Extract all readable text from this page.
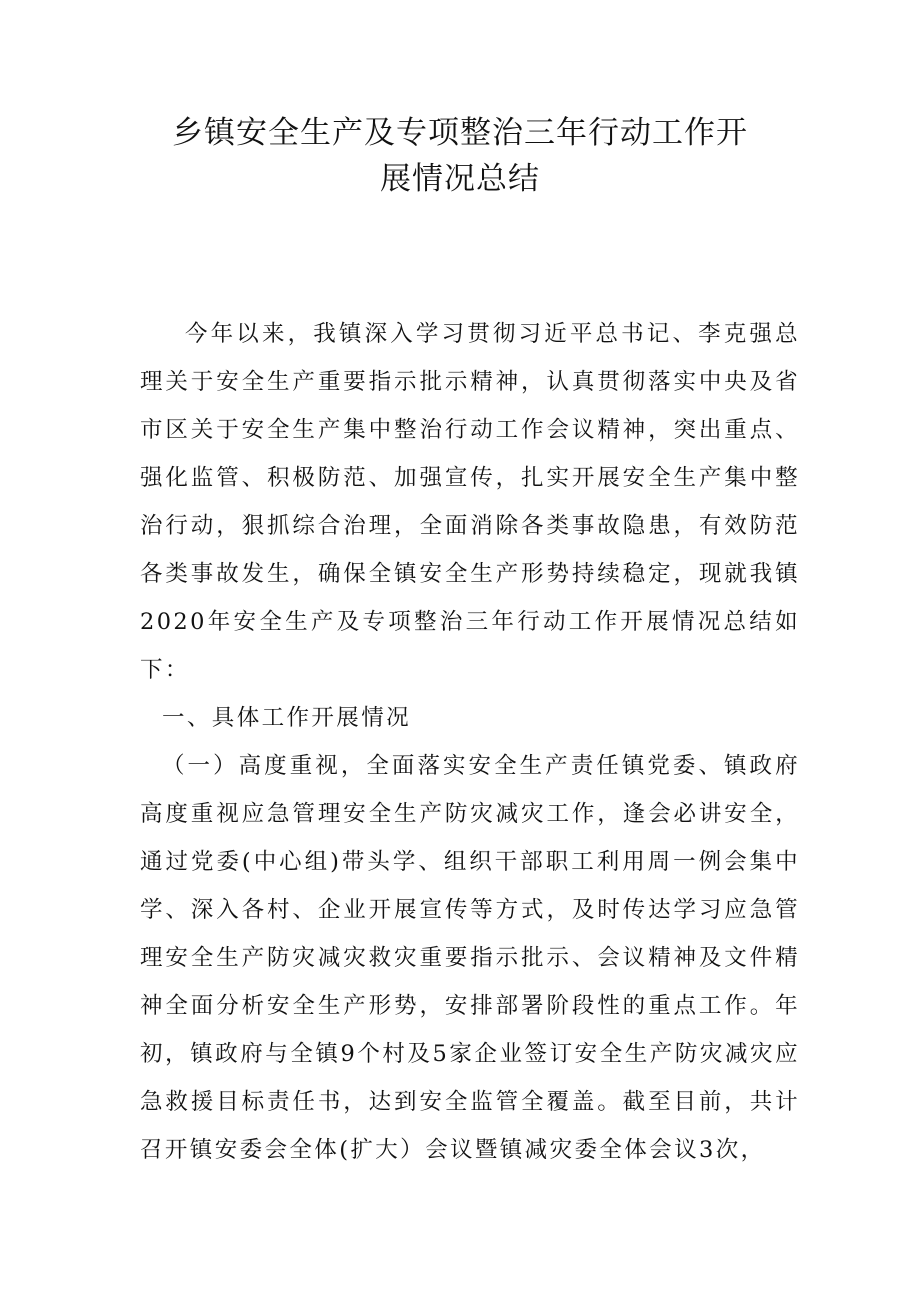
乡镇安全生产及专项整治三年行动工作开
展情况总结

今年以来，我镇深入学习贯彻习近平总书记、李克强总理关于安全生产重要指示批示精神，认真贯彻落实中央及省市区关于安全生产集中整治行动工作会议精神，突出重点、强化监管、积极防范、加强宣传，扎实开展安全生产集中整治行动，狠抓综合治理，全面消除各类事故隐患，有效防范各类事故发生，确保全镇安全生产形势持续稳定，现就我镇2020年安全生产及专项整治三年行动工作开展情况总结如下：

一、具体工作开展情况

（一）高度重视，全面落实安全生产责任镇党委、镇政府高度重视应急管理安全生产防灾减灾工作，逢会必讲安全，通过党委(中心组)带头学、组织干部职工利用周一例会集中学、深入各村、企业开展宣传等方式，及时传达学习应急管理安全生产防灾减灾救灾重要指示批示、会议精神及文件精神全面分析安全生产形势，安排部署阶段性的重点工作。年初，镇政府与全镇9个村及5家企业签订安全生产防灾减灾应急救援目标责任书，达到安全监管全覆盖。截至目前，共计召开镇安委会全体(扩大）会议暨镇减灾委全体会议3次，
